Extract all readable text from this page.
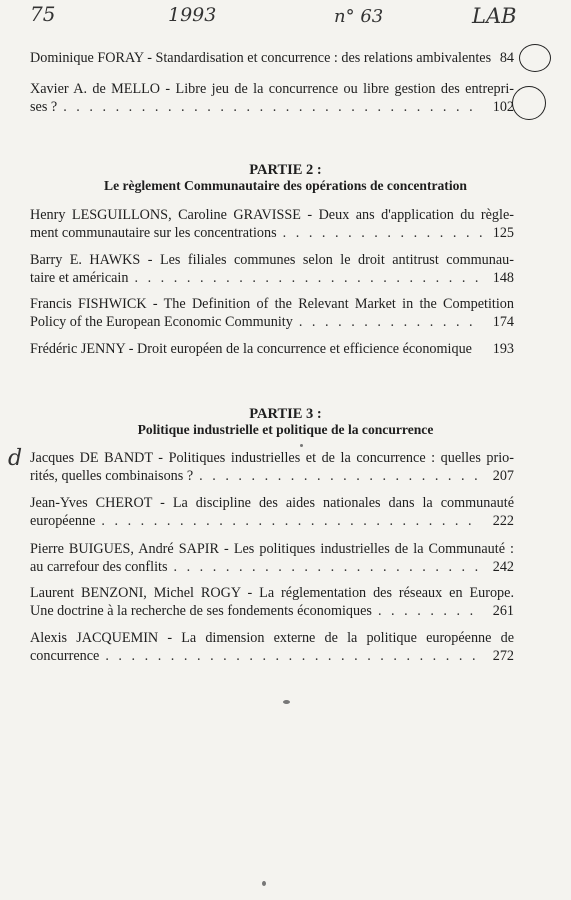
75	1993	n° 63	LAB
d
Dominique FORAY - Standardisation et concurrence : des relations ambivalentes 84
Xavier A. de MELLO - Libre jeu de la concurrence ou libre gestion des entrepri-
ses ? . . .	102
PARTIE 2 :
Le règlement Communautaire des opérations de concentration
Henry LESGUILLONS, Caroline GRAVISSE - Deux ans d'application du règle-
ment communautaire sur les concentrations . . .	125
Barry E. HAWKS - Les filiales communes selon le droit antitrust communau-
taire et américain . . .	148
Francis FISHWICK - The Definition of the Relevant Market in the Competition
Policy of the European Economic Community . . .	174
Frédéric JENNY - Droit européen de la concurrence et efficience économique	193
PARTIE 3 :
Politique industrielle et politique de la concurrence
Jacques DE BANDT - Politiques industrielles et de la concurrence : quelles prio-
rités, quelles combinaisons ? . . .	207
Jean-Yves CHEROT - La discipline des aides nationales dans la communauté
européenne . . .	222
Pierre BUIGUES, André SAPIR - Les politiques industrielles de la Communauté :
au carrefour des conflits . . .	242
Laurent BENZONI, Michel ROGY - La réglementation des réseaux en Europe.
Une doctrine à la recherche de ses fondements économiques . . .	261
Alexis JACQUEMIN - La dimension externe de la politique européenne de
concurrence . . .	272
